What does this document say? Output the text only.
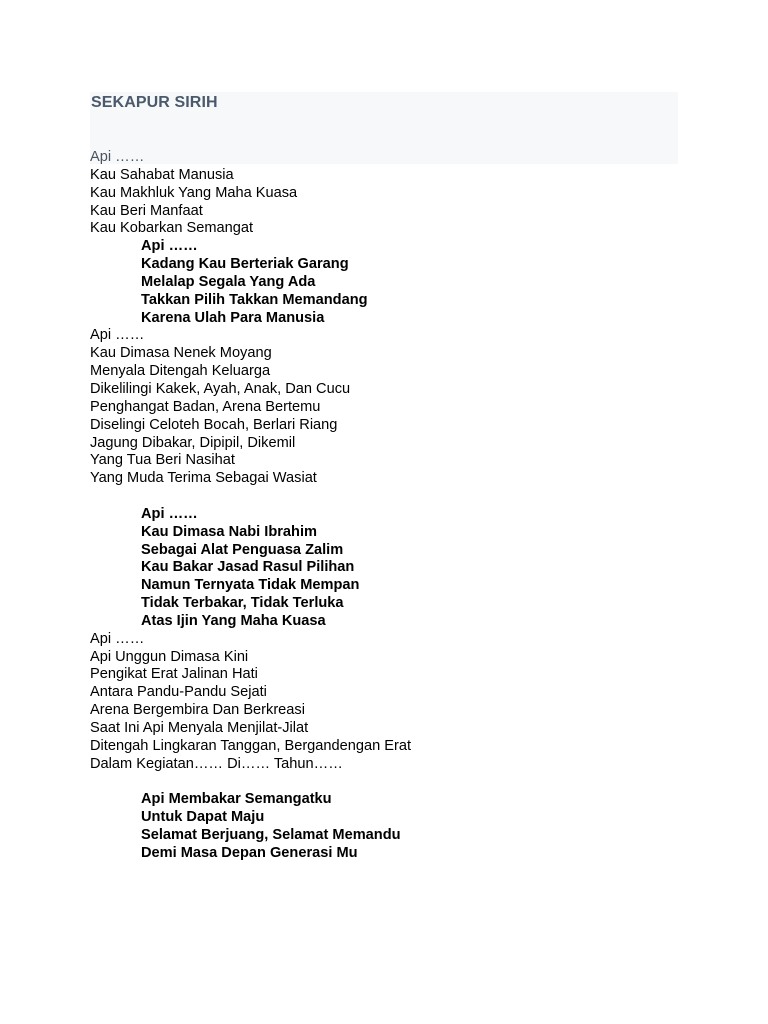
SEKAPUR SIRIH
Api ……
Kau Sahabat Manusia
Kau Makhluk Yang Maha Kuasa
Kau Beri Manfaat
Kau Kobarkan Semangat
Api ……
Kadang Kau Berteriak Garang
Melalap Segala Yang Ada
Takkan Pilih Takkan Memandang
Karena Ulah Para Manusia
Api ……
Kau Dimasa Nenek Moyang
Menyala Ditengah Keluarga
Dikelilingi Kakek, Ayah, Anak, Dan Cucu
Penghangat Badan, Arena Bertemu
Diselingi Celoteh Bocah, Berlari Riang
Jagung Dibakar, Dipipil, Dikemil
Yang Tua Beri Nasihat
Yang Muda Terima Sebagai Wasiat
Api ……
Kau Dimasa Nabi Ibrahim
Sebagai Alat Penguasa Zalim
Kau Bakar Jasad Rasul Pilihan
Namun Ternyata Tidak Mempan
Tidak Terbakar, Tidak Terluka
Atas Ijin Yang Maha Kuasa
Api ……
Api Unggun Dimasa Kini
Pengikat Erat Jalinan Hati
Antara Pandu-Pandu Sejati
Arena Bergembira Dan Berkreasi
Saat Ini Api Menyala Menjilat-Jilat
Ditengah Lingkaran Tanggan, Bergandengan Erat
Dalam Kegiatan…… Di…… Tahun……
Api Membakar Semangatku
Untuk Dapat Maju
Selamat Berjuang, Selamat Memandu
Demi Masa Depan Generasi Mu
